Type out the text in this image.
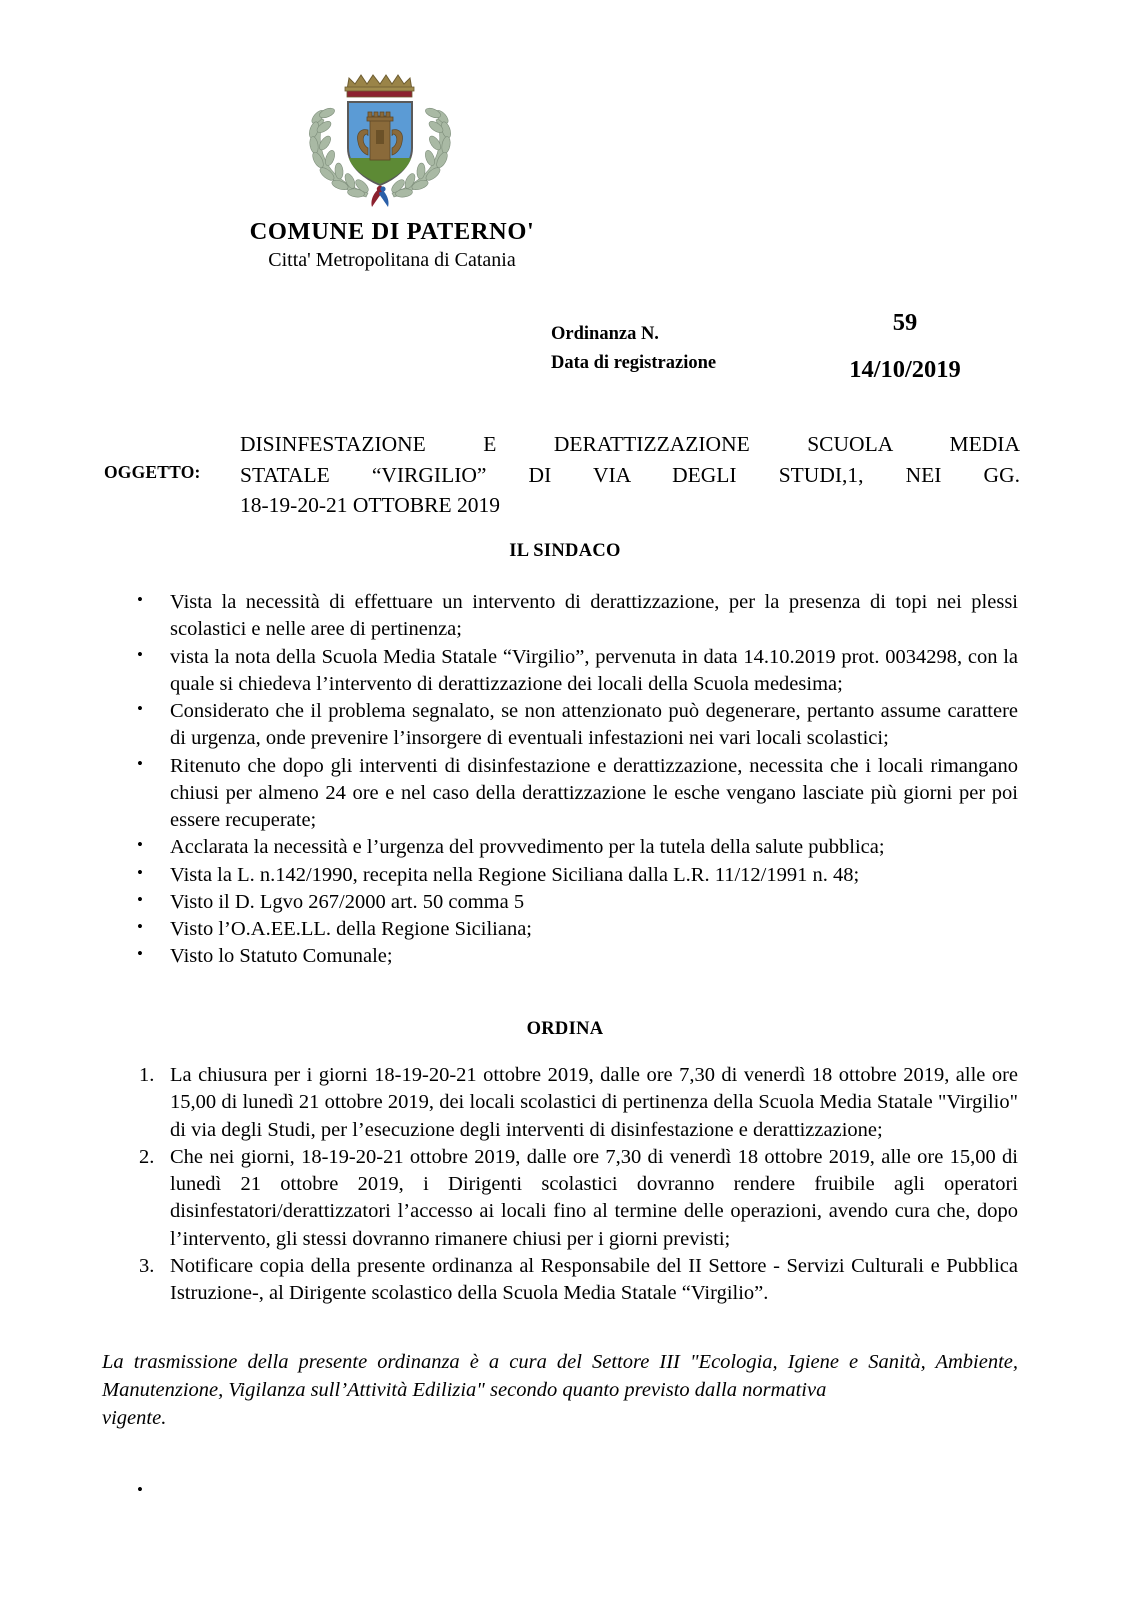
COMUNE DI PATERNO'
Citta' Metropolitana di Catania
Ordinanza N.
Data di registrazione
59
14/10/2019
OGGETTO:
DISINFESTAZIONE E DERATTIZZAZIONE SCUOLA MEDIA
STATALE “VIRGILIO” DI VIA DEGLI STUDI,1, NEI GG.
18-19-20-21 OTTOBRE 2019
IL SINDACO
• Vista la necessità di effettuare un intervento di derattizzazione, per la presenza di topi nei plessi scolastici e nelle aree di pertinenza;
• vista la nota della Scuola Media Statale “Virgilio”, pervenuta in data 14.10.2019 prot. 0034298, con la quale si chiedeva l’intervento di derattizzazione dei locali della Scuola medesima;
• Considerato che il problema segnalato, se non attenzionato può degenerare, pertanto assume carattere di urgenza, onde prevenire l’insorgere di eventuali infestazioni nei vari locali scolastici;
• Ritenuto che dopo gli interventi di disinfestazione e derattizzazione, necessita che i locali rimangano chiusi per almeno 24 ore e nel caso della derattizzazione le esche vengano lasciate più giorni per poi essere recuperate;
• Acclarata la necessità e l’urgenza del provvedimento per la tutela della salute pubblica;
• Vista la L. n.142/1990, recepita nella Regione Siciliana dalla L.R. 11/12/1991 n. 48;
• Visto il D. Lgvo 267/2000 art. 50 comma 5
• Visto l’O.A.EE.LL. della Regione Siciliana;
• Visto lo Statuto Comunale;
ORDINA
La chiusura per i giorni 18-19-20-21 ottobre 2019, dalle ore 7,30 di venerdì 18 ottobre 2019, alle ore 15,00 di lunedì 21 ottobre 2019, dei locali scolastici di pertinenza della Scuola Media Statale "Virgilio" di via degli Studi, per l’esecuzione degli interventi di disinfestazione e derattizzazione;
Che nei giorni, 18-19-20-21 ottobre 2019, dalle ore 7,30 di venerdì 18 ottobre 2019, alle ore 15,00 di lunedì 21 ottobre 2019, i Dirigenti scolastici dovranno rendere fruibile agli operatori disinfestatori/derattizzatori l’accesso ai locali fino al termine delle operazioni, avendo cura che, dopo l’intervento, gli stessi dovranno rimanere chiusi per i giorni previsti;
Notificare copia della presente ordinanza al Responsabile del II Settore - Servizi Culturali e Pubblica Istruzione-, al Dirigente scolastico della Scuola Media Statale “Virgilio”.
La trasmissione della presente ordinanza è a cura del Settore III "Ecologia, Igiene e Sanità, Ambiente, Manutenzione, Vigilanza sull’Attività Edilizia" secondo quanto previsto dalla normativa
vigente.
•
